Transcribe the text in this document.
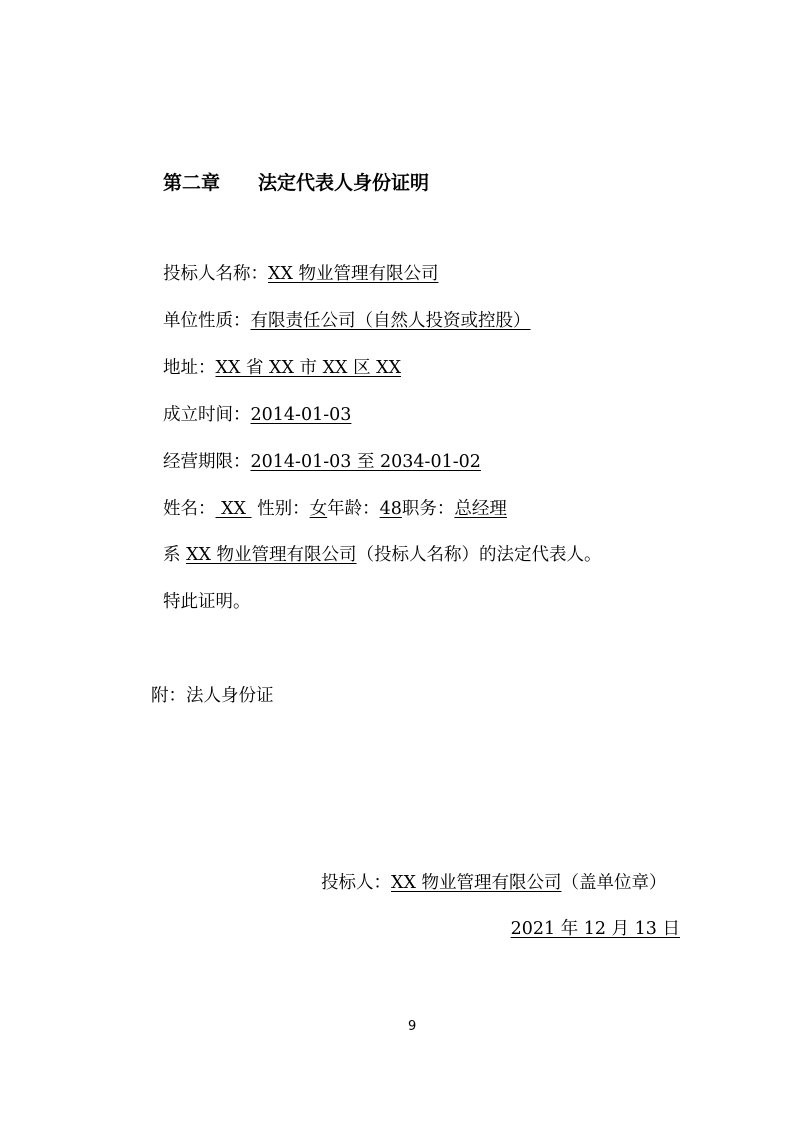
第二章 法定代表人身份证明
投标人名称：XX 物业管理有限公司
单位性质：有限责任公司（自然人投资或控股）
地址：XX 省 XX 市 XX 区 XX
成立时间：2014-01-03
经营期限：2014-01-03 至 2034-01-02
姓名： XX  性别：女年龄：48职务：总经理
系 XX 物业管理有限公司（投标人名称）的法定代表人。
特此证明。
附：法人身份证
投标人：XX 物业管理有限公司（盖单位章）
2021 年 12 月 13 日
9
